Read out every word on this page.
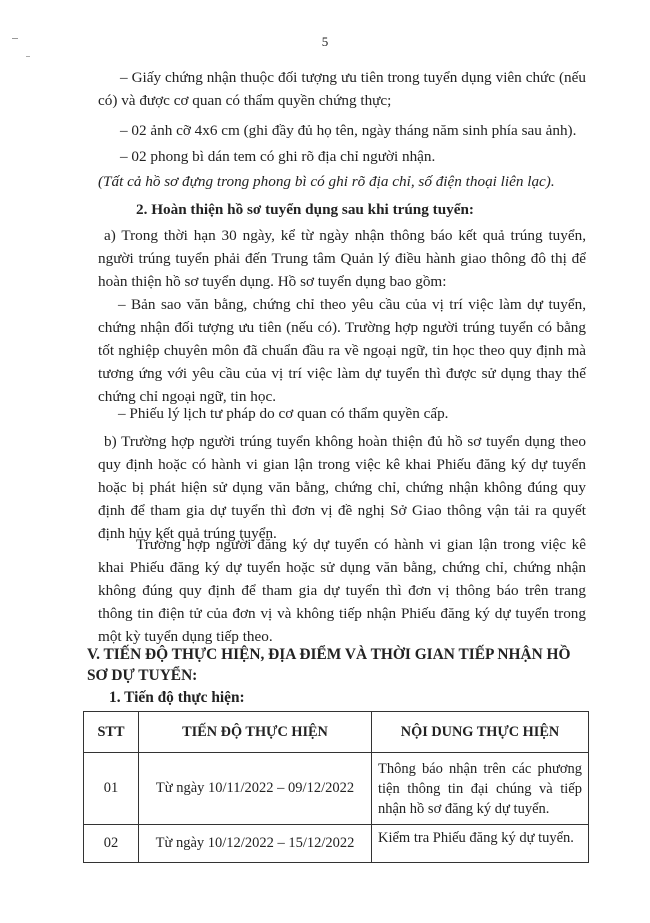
5
– Giấy chứng nhận thuộc đối tượng ưu tiên trong tuyển dụng viên chức (nếu có) và được cơ quan có thẩm quyền chứng thực;
– 02 ảnh cỡ 4x6 cm (ghi đầy đủ họ tên, ngày tháng năm sinh phía sau ảnh).
– 02 phong bì dán tem có ghi rõ địa chỉ người nhận.
(Tất cả hồ sơ đựng trong phong bì có ghi rõ địa chỉ, số điện thoại liên lạc).
2. Hoàn thiện hồ sơ tuyển dụng sau khi trúng tuyển:
a) Trong thời hạn 30 ngày, kể từ ngày nhận thông báo kết quả trúng tuyển, người trúng tuyển phải đến Trung tâm Quản lý điều hành giao thông đô thị để hoàn thiện hồ sơ tuyển dụng. Hồ sơ tuyển dụng bao gồm:
– Bản sao văn bằng, chứng chỉ theo yêu cầu của vị trí việc làm dự tuyển, chứng nhận đối tượng ưu tiên (nếu có). Trường hợp người trúng tuyển có bằng tốt nghiệp chuyên môn đã chuẩn đầu ra về ngoại ngữ, tin học theo quy định mà tương ứng với yêu cầu của vị trí việc làm dự tuyển thì được sử dụng thay thế chứng chỉ ngoại ngữ, tin học.
– Phiếu lý lịch tư pháp do cơ quan có thẩm quyền cấp.
b) Trường hợp người trúng tuyển không hoàn thiện đủ hồ sơ tuyển dụng theo quy định hoặc có hành vi gian lận trong việc kê khai Phiếu đăng ký dự tuyển hoặc bị phát hiện sử dụng văn bằng, chứng chỉ, chứng nhận không đúng quy định để tham gia dự tuyển thì đơn vị đề nghị Sở Giao thông vận tải ra quyết định hủy kết quả trúng tuyển.
Trường hợp người đăng ký dự tuyển có hành vi gian lận trong việc kê khai Phiếu đăng ký dự tuyển hoặc sử dụng văn bằng, chứng chỉ, chứng nhận không đúng quy định để tham gia dự tuyển thì đơn vị thông báo trên trang thông tin điện tử của đơn vị và không tiếp nhận Phiếu đăng ký dự tuyển trong một kỳ tuyển dụng tiếp theo.
V. TIẾN ĐỘ THỰC HIỆN, ĐỊA ĐIỂM VÀ THỜI GIAN TIẾP NHẬN HỒ SƠ DỰ TUYỂN:
1. Tiến độ thực hiện:
STT	TIẾN ĐỘ THỰC HIỆN	NỘI DUNG THỰC HIỆN
01	Từ ngày 10/11/2022 – 09/12/2022	Thông báo nhận trên các phương tiện thông tin đại chúng và tiếp nhận hồ sơ đăng ký dự tuyển.
02	Từ ngày 10/12/2022 – 15/12/2022	Kiểm tra Phiếu đăng ký dự tuyển.
